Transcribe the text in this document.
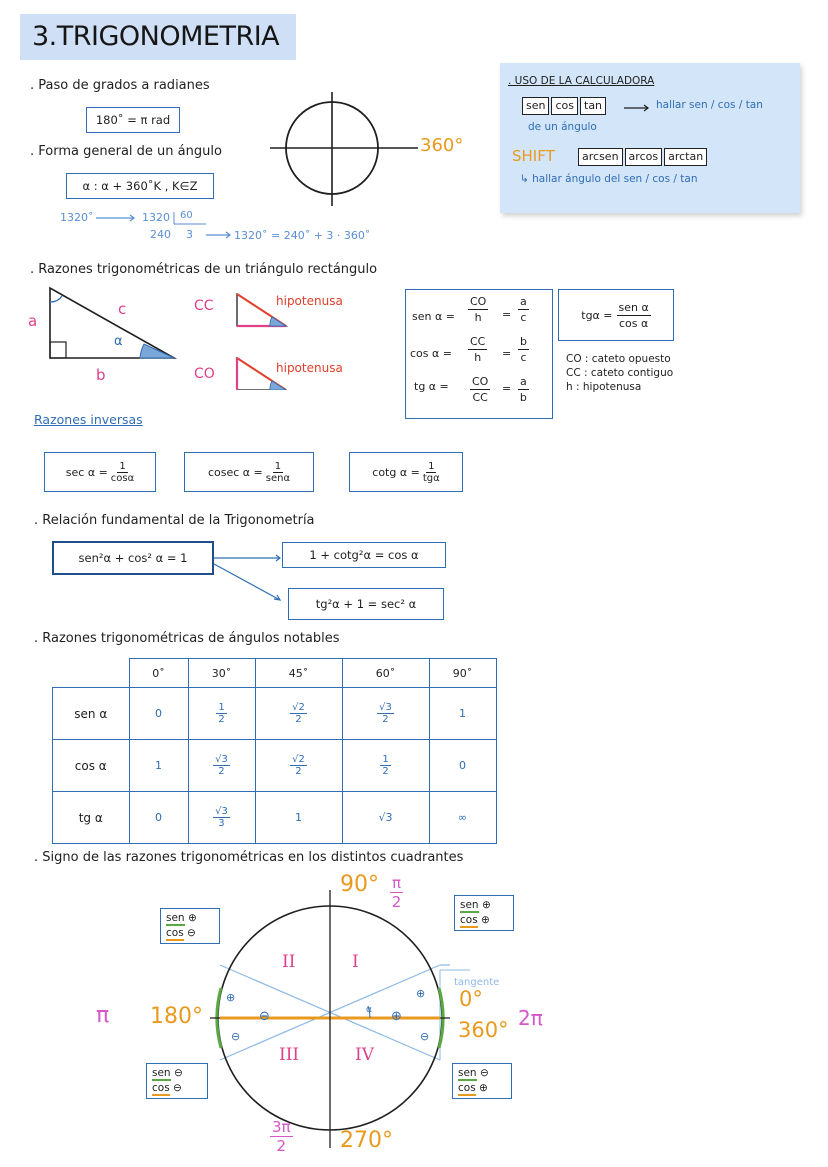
3.TRIGONOMETRIA
. Paso de grados a radianes
180˚ = π rad
360°
. Forma general de un ángulo
α : α + 360˚K , K∈Z
1320˚	1320 60
240 3	1320˚ = 240˚ + 3 · 360˚
. USO DE LA CALCULADORA
sen cos tan	hallar sen / cos / tan
de un ángulo
SHIFT	arcsen arcos arctan
↳ hallar ángulo del sen / cos / tan
. Razones trigonométricas de un triángulo rectángulo
a
b
c
α
CC
CO
hipotenusa
hipotenusa
sen $\alpha = \frac{CO}{h} = \frac{a}{c}$
$\cos \alpha = \frac{CC}{h} = \frac{b}{c}$
tg $\alpha = \frac{CO}{CC} = \frac{a}{b}$
$tg\alpha = \frac{\text{sen α}}{\text{cos α}}$
CO : cateto opuesto
CC : cateto contiguo
h : hipotenusa
Razones inversas
$\sec \alpha = \frac{1}{\cos\alpha}$	cosec $\alpha = \frac{1}{\text{senα}}$	cotg $\alpha = \frac{1}{\text{tgα}}$
. Relación fundamental de la Trigonometría
sen²α + cos² α = 1	1 + cotg²α = cos α
tg²α + 1 = sec² α
. Razones trigonométricas de ángulos notables
	0˚	30˚	45˚	60˚	90˚
sen α	0	$\frac{1}{2}$	$\frac{√2}{2}$	$\frac{√3}{2}$	1
cos α	1	$\frac{√3}{2}$	$\frac{√2}{2}$	$\frac{1}{2}$	0
tg α	0	$\frac{√3}{3}$	1	√3	∞
. Signo de las razones trigonométricas en los distintos cuadrantes
⊕
⊖
⊖	⊕
⊕
⊖
α
tangente
I
II
III	IV
$90^\circ \frac{\pi}{2}$
π 180°
0°
360° 2π
$\frac{3\pi}{2} 270^\circ$
sen ⊕
cos ⊖
sen ⊕
cos ⊕
sen ⊖
cos ⊖
sen ⊖
cos ⊕
